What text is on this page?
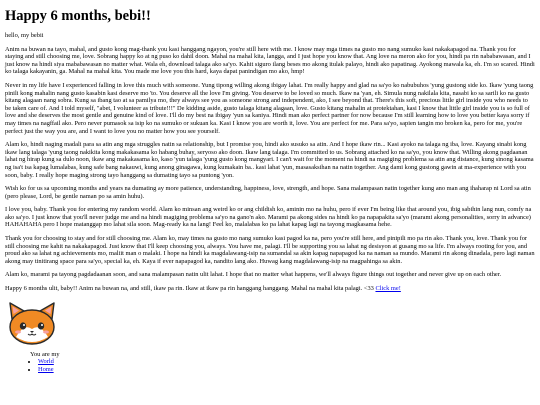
Happy 6 months, bebi!!

hello, my bebii

Anim na buwan na tayo, mahal, and gusto kong mag-thank you kasi hanggang ngayon, you're still here with me. I know may mga times na gusto mo nang sumuko kasi nakakapagod na. Thank you for staying and still choosing me, love. Sobrang happy ko at ng puso ko dahil doon. Mahal na mahal kita, langga, and I just hope you know that. Ang love na meron ako for you, hindi pa rin nababawasan, and I just know na hindi siya mababawasan no matter what. Wala eh, download talaga ako sa'yo. Kahit siguro ilang beses mo akong itulak palayo, hindi ako papatinag. Ayokong mawala ka, eh. I'm so scared. Hindi ko talaga kakayanin, ga. Mahal na mahal kita. You made me love you this hard, kaya dapat panindigan mo ako, hmp!

Never in my life have I experienced falling in love this much with someone. Yung tipong willing akong ibigay lahat. I'm really happy and glad na sa'yo ko nabubuhos 'yung gustong side ko. Ikaw 'yung taong pinili kong mahalin nang gusto kasabin kasi deserve mo 'to. You deserve all the love I'm giving. You deserve to be loved so much. Ikaw na 'yan, eh. Simula nung nakilala kita, nasabi ko sa sarili ko na gusto kitang alagaan nang sobra. Kung sa ibang tao at sa pamilya mo, they always see you as someone strong and independent, ako, I see beyond that. There's this soft, precious little girl inside you who needs to be taken care of. And I told myself, "abet, I volunteer as tribute!!!" De kidding aside, gusto talaga kitang alagaan, love. Gusto kitang mahalin at protektahan, kasi I know that little girl inside you is so full of love and she deserves the most gentle and genuine kind of love. I'll do my best na ibigay 'yun sa kaniya. Hindi man ako perfect partner for now because I'm still learning how to love you better kaya sorry if may times na nagffail ako. Pero never pumasok sa isip ko na sumuko or sukuan ka. Kasi I know you are worth it, love. You are perfect for me. Para sa'yo, sapien tangin mo broken ka, pero for me, you're perfect just the way you are, and I want to love you no matter how you see yourself.

Alam ko, hindi naging madali para sa atin ang mga struggles natin sa relationship, but I promise you, hindi ako susuko sa atin. And I hope ikaw rin... Kasi ayoko na talaga ng iba, love. Kayang sinabi kong ikaw lang talaga 'yung taong nakikita kong makakasama ko habang buhay, seryoso ako doon. Ikaw lang talaga. I'm committed to us. Sobrang attached ko na sa'yo, you know that. Willing akong pagdaanan lahat ng hirap kung sa dulo noon, ikaw ang makakasama ko, kaso 'yun talaga 'yung gusto kong mangyari. I can't wait for the moment na hindi na magiging problema sa atin ang distance, kung sinong kasama ng isa't isa kapag lumalabas, kung safe bang nakauwi, kung anong ginagawa, kung kumakain ba.. kasi lahat 'yun, masasaksihan na natin together. Ang dami kong gustong gawin at ma-experience with you soon, baby. I really hope maging strong tayo hanggang sa dumating tayo sa puntong 'yon.

Wish ko for us sa upcoming months and years na dumating ay more patience, understanding, happiness, love, strength, and hope. Sana malampasan natin together kung ano man ang ihaharap ni Lord sa atin (pero please, Lord, be gentle naman po sa amin huhu).

I love you, baby. Thank you for entering my random world. Alam ko minsan ang weird ko or ang childish ko, aminin mo na huhu, pero if ever I'm being like that around you, ibig sabihin lang nun, comfy na ako sa'yo. I just know that you'll never judge me and na hindi magiging problema sa'yo na gano'n ako. Marami pa akong sides na hindi ko pa napapakita sa'yo (marami akong personalities, sorry in advance) HAHAHAHA pero I hope matanggap mo lahat sila soon. Mag-ready ka na lang! Feel ko, malalabas ko pa lahat kapag lagi na tayong magkasama hehe.

Thank you for choosing to stay and for still choosing me. Alam ko, may times na gusto mo nang sumuko kasi pagod ka na, pero you're still here, and pinipili mo pa rin ako. Thank you, love. Thank you for still choosing me kahit na nakakapagod. Just know that I'll keep choosing you, always. You have me, palagi. I'll be supporting you sa lahat ng desisyon at gusang mo sa life. I'm always rooting for you, and proud ako sa lahat ng achievements mo, maliit man o malaki. I hope na hindi ka magdalawang-isip na sumandal sa akin kapag napapagod ka na naman sa mundo. Marami rin akong dinadala, pero lagi naman akong may tinitirang space para sa'yo, special ka, eh. Kaya if ever napapagod ka, nandito lang ako. Huwag kang magdalawang-isip na magpahinga sa akin.

Alam ko, marami pa tayong pagdadaanan soon, and sana malampasan natin ulit lahat. I hope that no matter what happens, we'll always figure things out together and never give up on each other.

Happy 6 months ulit, baby!! Anim na buwan na, and still, ikaw pa rin. Ikaw at ikaw pa rin hanggang hanggang. Mahal na mahal kita palagi. <33 Click me!

You are my
• World
• Home
